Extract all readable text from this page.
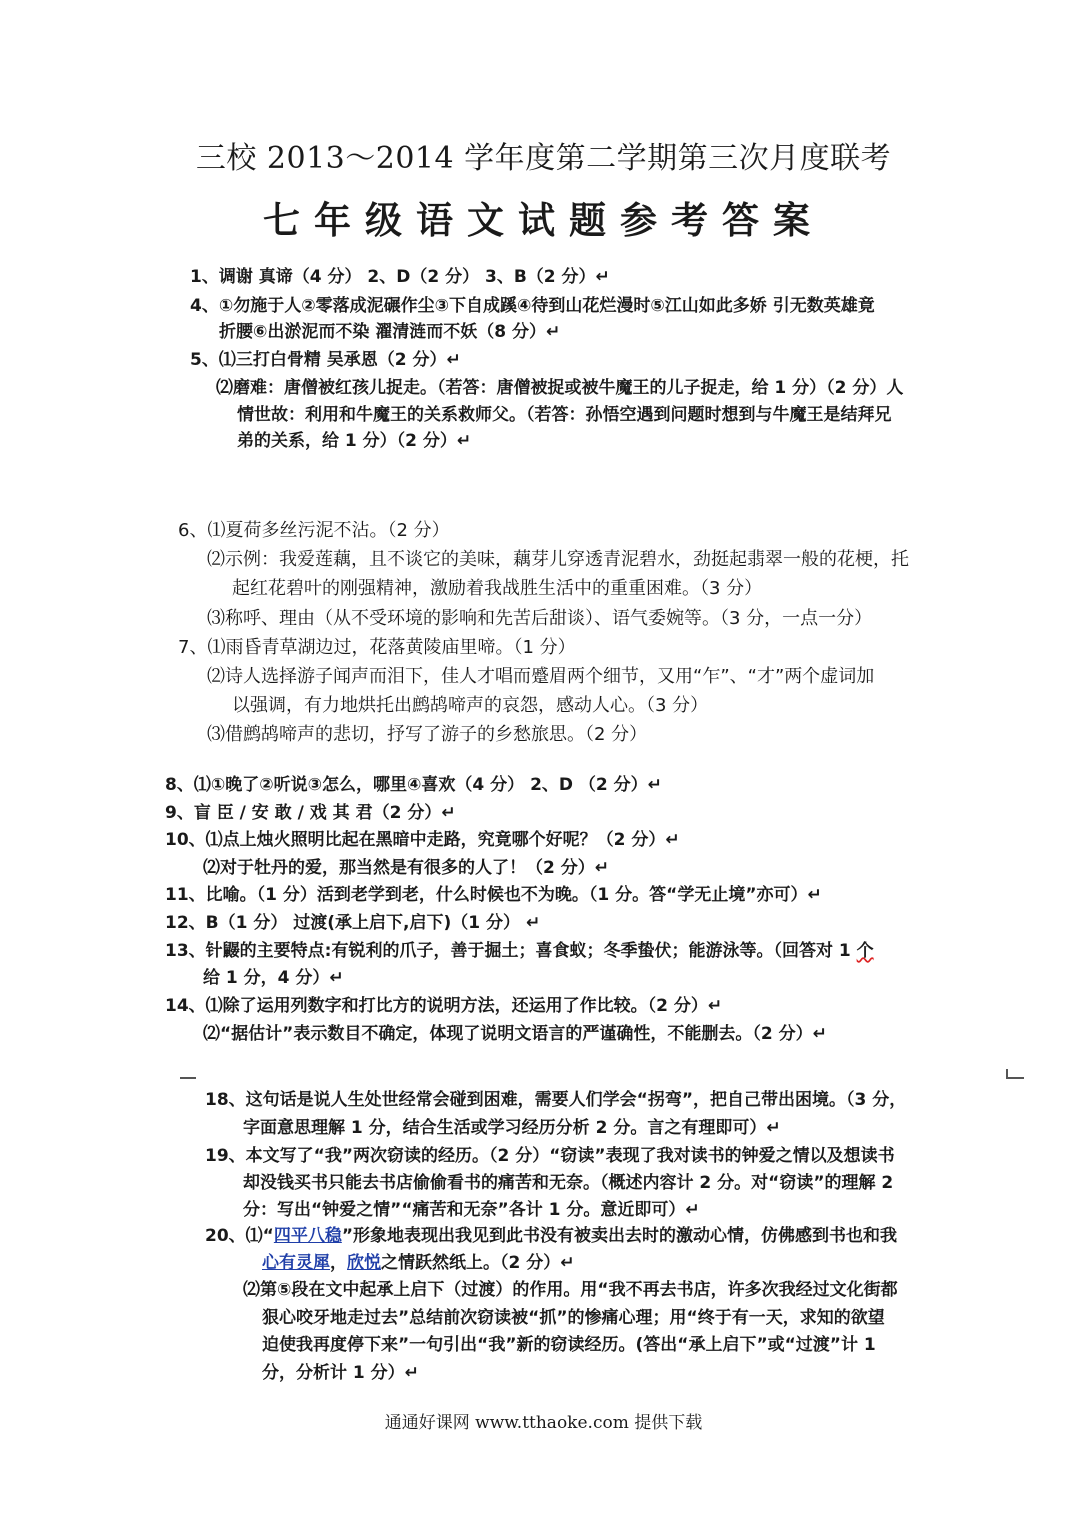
三校 2013～2014 学年度第二学期第三次月度联考
七年级语文试题参考答案
1、调谢 真谛（4 分） 2、D（2 分） 3、B（2 分）↵
4、①勿施于人②零落成泥碾作尘③下自成蹊④待到山花烂漫时⑤江山如此多娇 引无数英雄竟
折腰⑥出淤泥而不染 濯清涟而不妖（8 分）↵
5、⑴三打白骨精 吴承恩（2 分）↵
⑵磨难：唐僧被红孩儿捉走。（若答：唐僧被捉或被牛魔王的儿子捉走，给 1 分）（2 分）人
情世故：利用和牛魔王的关系救师父。（若答：孙悟空遇到问题时想到与牛魔王是结拜兄
弟的关系，给 1 分）（2 分）↵
6、⑴夏荷多丝污泥不沾。（2 分）
⑵示例：我爱莲藕，且不谈它的美味，藕芽儿穿透青泥碧水，劲挺起翡翠一般的花梗，托
起红花碧叶的刚强精神，激励着我战胜生活中的重重困难。（3 分）
⑶称呼、理由（从不受环境的影响和先苦后甜谈）、语气委婉等。（3 分，一点一分）
7、⑴雨昏青草湖边过，花落黄陵庙里啼。（1 分）
⑵诗人选择游子闻声而泪下，佳人才唱而蹙眉两个细节，又用“乍”、“才”两个虚词加
以强调，有力地烘托出鹧鸪啼声的哀怨，感动人心。（3 分）
⑶借鹧鸪啼声的悲切，抒写了游子的乡愁旅思。（2 分）
8、⑴①晚了②听说③怎么，哪里④喜欢（4 分） 2、D （2 分）↵
9、盲 臣 / 安 敢 / 戏 其 君（2 分）↵
10、⑴点上烛火照明比起在黑暗中走路，究竟哪个好呢？（2 分）↵
⑵对于牡丹的爱，那当然是有很多的人了！（2 分）↵
11、比喻。（1 分）活到老学到老，什么时候也不为晚。（1 分。答“学无止境”亦可）↵
12、B（1 分） 过渡(承上启下,启下)（1 分） ↵
13、针鼹的主要特点:有锐利的爪子，善于掘土；喜食蚁；冬季蛰伏；能游泳等。（回答对 1 个
给 1 分，4 分）↵
14、⑴除了运用列数字和打比方的说明方法，还运用了作比较。（2 分）↵
⑵“据估计”表示数目不确定，体现了说明文语言的严谨确性，不能删去。（2 分）↵
18、这句话是说人生处世经常会碰到困难，需要人们学会“拐弯”，把自己带出困境。（3 分，
字面意思理解 1 分，结合生活或学习经历分析 2 分。言之有理即可）↵
19、本文写了“我”两次窃读的经历。（2 分）“窃读”表现了我对读书的钟爱之情以及想读书
却没钱买书只能去书店偷偷看书的痛苦和无奈。（概述内容计 2 分。对“窃读”的理解 2
分：写出“钟爱之情”“痛苦和无奈”各计 1 分。意近即可）↵
20、⑴“四平八稳”形象地表现出我见到此书没有被卖出去时的激动心情，仿佛感到书也和我
心有灵犀，欣悦之情跃然纸上。（2 分）↵
⑵第⑤段在文中起承上启下（过渡）的作用。用“我不再去书店，许多次我经过文化街都
狠心咬牙地走过去”总结前次窃读被“抓”的惨痛心理；用“终于有一天，求知的欲望
迫使我再度停下来”一句引出“我”新的窃读经历。(答出“承上启下”或“过渡”计 1
分，分析计 1 分）↵
通通好课网 www.tthaoke.com 提供下载
